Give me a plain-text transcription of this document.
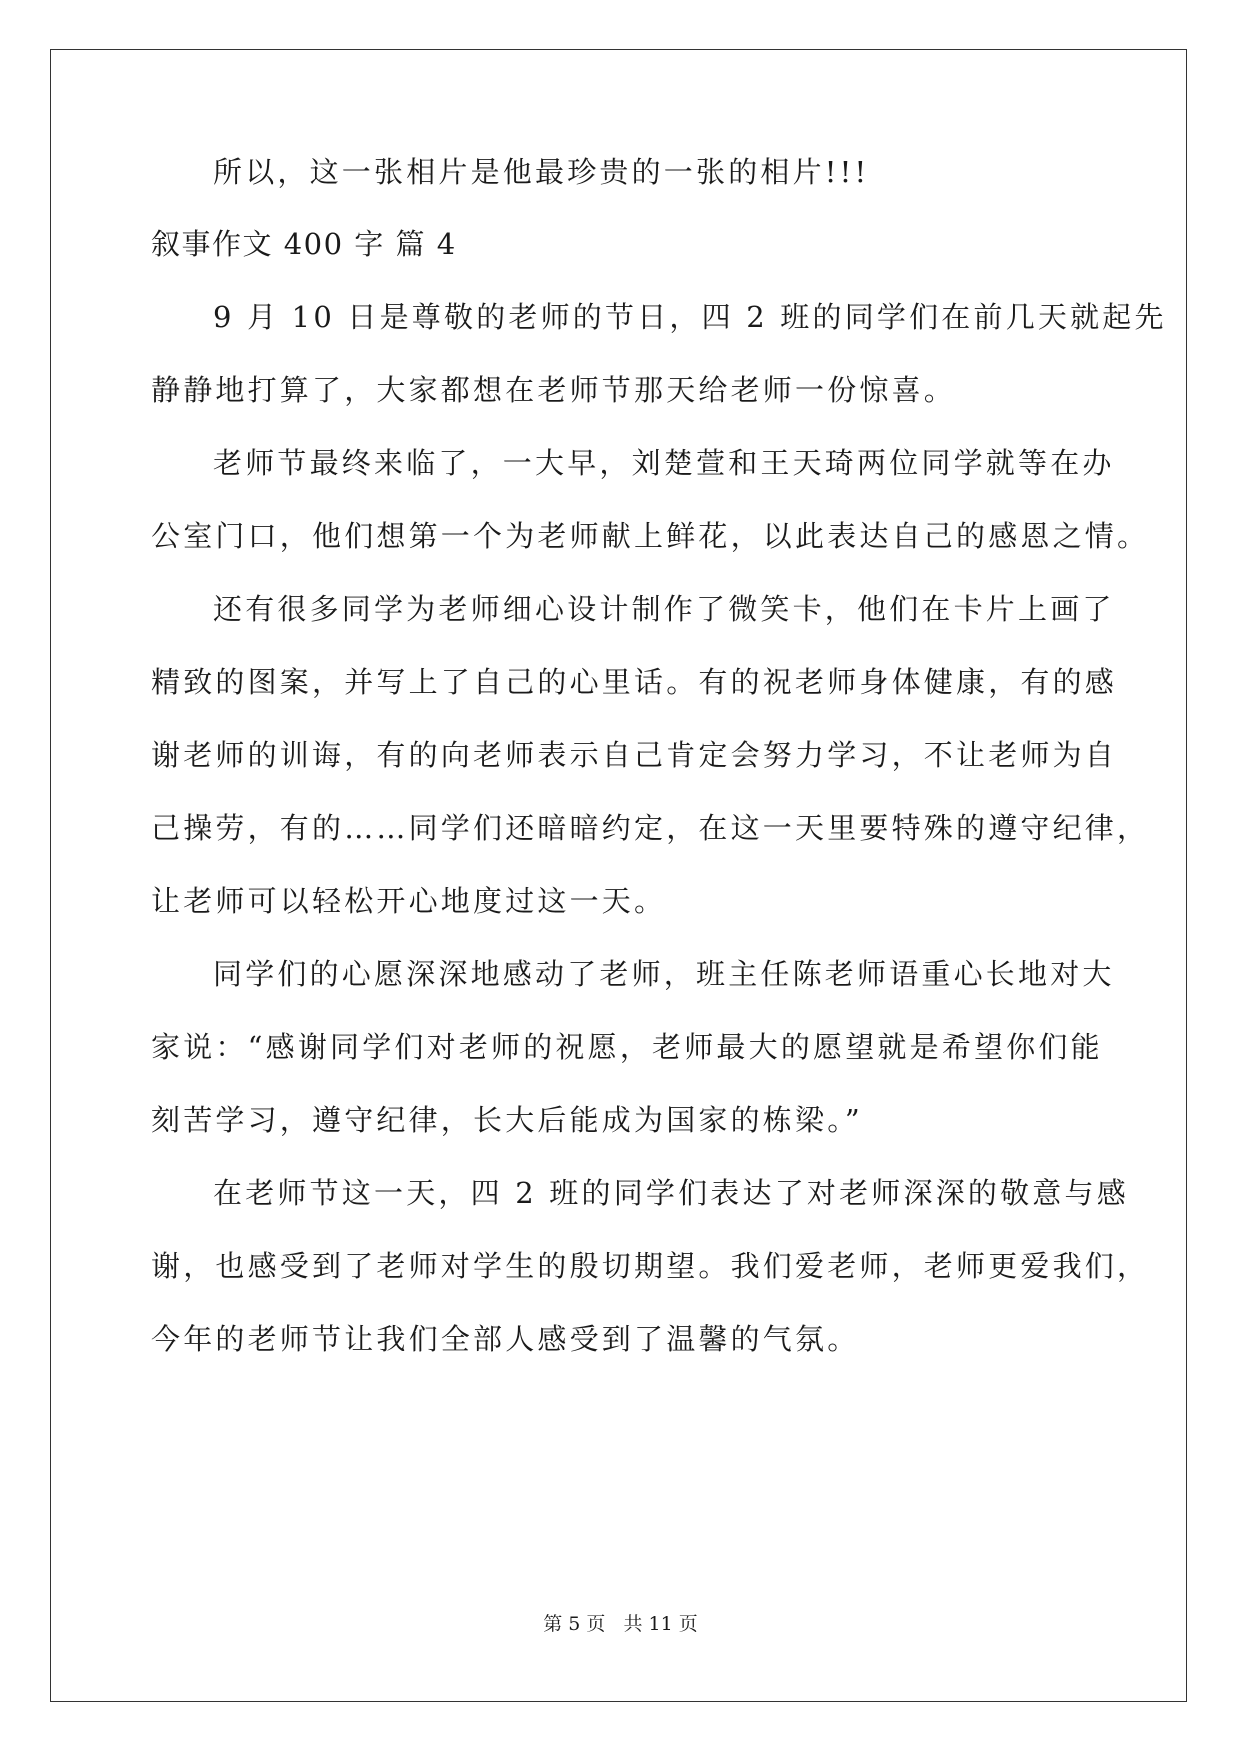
所以，这一张相片是他最珍贵的一张的相片!!!
叙事作文 400 字 篇 4
9 月 10 日是尊敬的老师的节日，四 2 班的同学们在前几天就起先
静静地打算了，大家都想在老师节那天给老师一份惊喜。
老师节最终来临了，一大早，刘楚萱和王天琦两位同学就等在办
公室门口，他们想第一个为老师献上鲜花，以此表达自己的感恩之情。
还有很多同学为老师细心设计制作了微笑卡，他们在卡片上画了
精致的图案，并写上了自己的心里话。有的祝老师身体健康，有的感
谢老师的训诲，有的向老师表示自己肯定会努力学习，不让老师为自
己操劳，有的……同学们还暗暗约定，在这一天里要特殊的遵守纪律，
让老师可以轻松开心地度过这一天。
同学们的心愿深深地感动了老师，班主任陈老师语重心长地对大
家说：“感谢同学们对老师的祝愿，老师最大的愿望就是希望你们能
刻苦学习，遵守纪律，长大后能成为国家的栋梁。”
在老师节这一天，四 2 班的同学们表达了对老师深深的敬意与感
谢，也感受到了老师对学生的殷切期望。我们爱老师，老师更爱我们，
今年的老师节让我们全部人感受到了温馨的气氛。
第 5 页 共 11 页
